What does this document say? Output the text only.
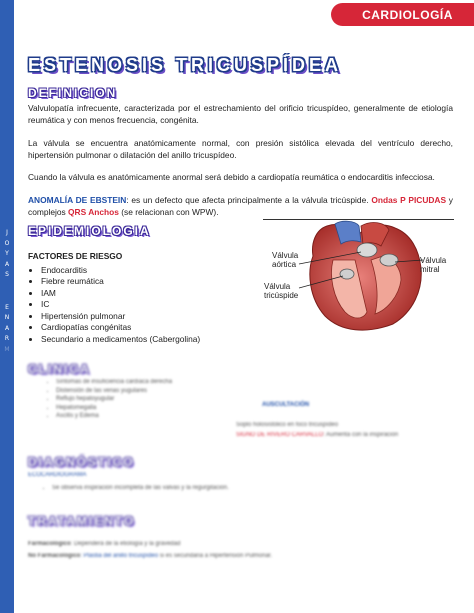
J
O
Y
A
S
E
N
A
R
M
CARDIOLOGÍA
ESTENOSIS TRICUSPÍDEA
DEFINICION
Valvulopatía infrecuente, caracterizada por el estrechamiento del orificio tricuspídeo, generalmente de etiología reumática y con menos frecuencia, congénita.
La válvula se encuentra anatómicamente normal, con presión sistólica elevada del ventrículo derecho, hipertensión pulmonar o dilatación del anillo tricuspídeo.
Cuando la válvula es anatómicamente anormal será debido a cardiopatía reumática o endocarditis infecciosa.
ANOMALÍA DE EBSTEIN: es un defecto que afecta principalmente a la válvula tricúspide. Ondas P PICUDAS y complejos QRS Anchos (se relacionan con WPW).
EPIDEMIOLOGIA
FACTORES DE RIESGO
• Endocarditis
• Fiebre reumática
• IAM
• IC
• Hipertensión pulmonar
• Cardiopatías congénitas
• Secundario a medicamentos (Cabergolina)
Válvula
aórtica	Válvula
mitral
Válvula
tricúspide
CLINICA
• Síntomas de insuficiencia cardíaca derecha
• Distensión de las venas yugulares
• Reflujo hepatoyugular
• Hepatomegalia
• Ascitis y Edema
AUSCULTACIÓN
Soplo holosistólico en foco tricuspídeo
SIGNO DE RIVERO CARVALLO: Aumenta con la inspiración
DIAGNÓSTICO
ECOCARDIOGRAMA
• Se observa inspiración incompleta de las valvas y la regurgitación.
TRATAMIENTO
Farmacológico: Dependerá de la etiología y la gravedad
No Farmacológico: Plastia del anillo tricuspídeo si es secundaria a Hipertensión Pulmonar.
